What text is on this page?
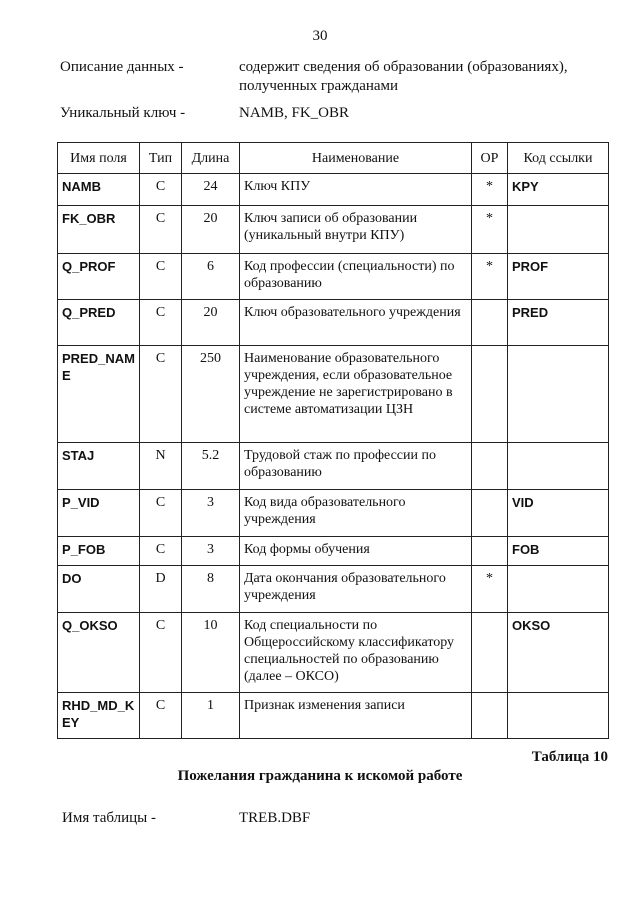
30
Описание данных -	содержит сведения об образовании (образованиях), полученных гражданами
Уникальный ключ -	NAMB, FK_OBR
Имя поля	Тип	Длина	Наименование	ОР	Код ссылки
NAMB	C	24	Ключ КПУ	*	KPY
FK_OBR	C	20	Ключ записи об образовании (уникальный внутри КПУ)	*	
Q_PROF	C	6	Код профессии (специальности) по образованию	*	PROF
Q_PRED	C	20	Ключ образовательного учреждения		PRED
PRED_NAME	C	250	Наименование образовательного учреждения, если образовательное учреждение не зарегистрировано в системе автоматизации ЦЗН		
STAJ	N	5.2	Трудовой стаж по профессии по образованию		
P_VID	C	3	Код вида образовательного учреждения		VID
P_FOB	C	3	Код формы обучения		FOB
DO	D	8	Дата окончания образовательного учреждения	*	
Q_OKSO	C	10	Код специальности по Общероссийскому классификатору специальностей по образованию (далее – ОКСО)		OKSO
RHD_MD_KEY	C	1	Признак изменения записи		
Таблица 10
Пожелания гражданина к искомой работе
Имя таблицы -	TREB.DBF
